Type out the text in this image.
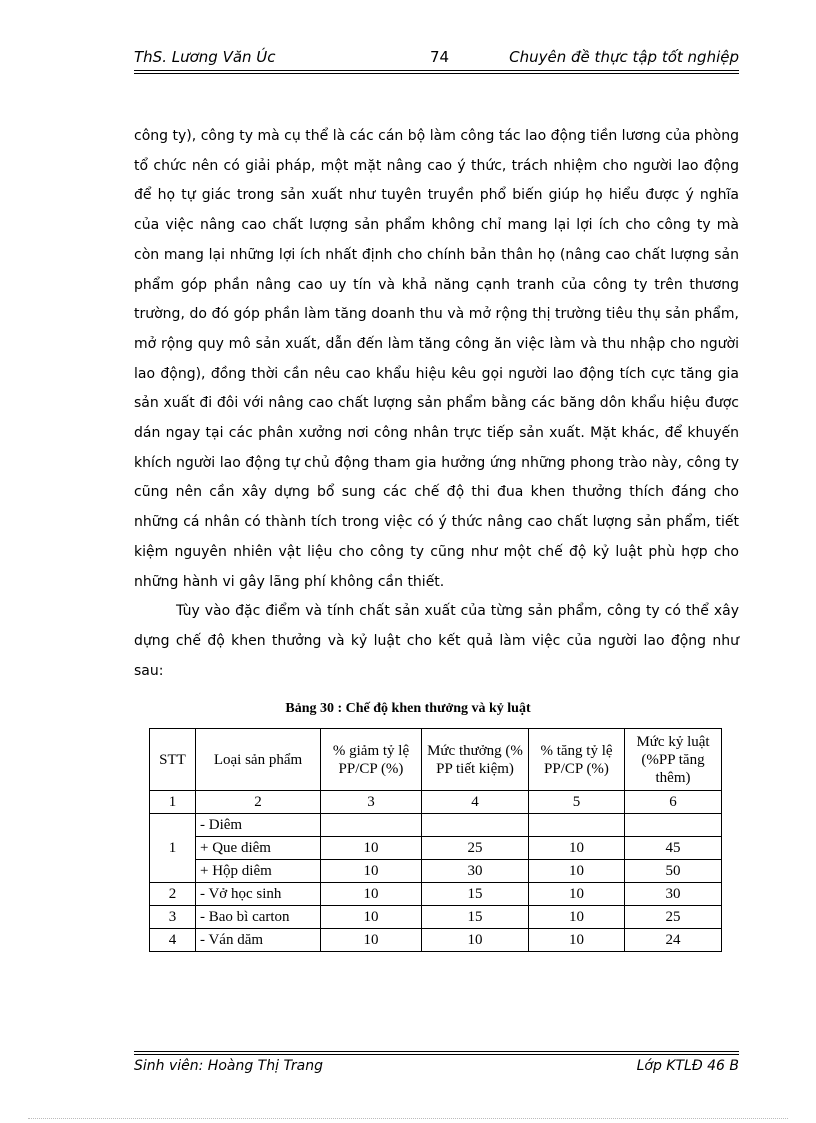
ThS. Lương Văn Úc	74	Chuyên đề thực tập tốt nghiệp

công ty), công ty mà cụ thể là các cán bộ làm công tác lao động tiền lương của phòng tổ chức nên có giải pháp, một mặt nâng cao ý thức, trách nhiệm cho người lao động để họ tự giác trong sản xuất như tuyên truyền phổ biến giúp họ hiểu được ý nghĩa của việc nâng cao chất lượng sản phẩm không chỉ mang lại lợi ích cho công ty mà còn mang lại những lợi ích nhất định cho chính bản thân họ (nâng cao chất lượng sản phẩm góp phần nâng cao uy tín và khả năng cạnh tranh của công ty trên thương trường, do đó góp phần làm tăng doanh thu và mở rộng thị trường tiêu thụ sản phẩm, mở rộng quy mô sản xuất, dẫn đến làm tăng công ăn việc làm và thu nhập cho người lao động), đồng thời cần nêu cao khẩu hiệu kêu gọi người lao động tích cực tăng gia sản xuất đi đôi với nâng cao chất lượng sản phẩm bằng các băng dôn khẩu hiệu được dán ngay tại các phân xưởng nơi công nhân trực tiếp sản xuất. Mặt khác, để khuyến khích người lao động tự chủ động tham gia hưởng ứng những phong trào này, công ty cũng nên cần xây dựng bổ sung các chế độ thi đua khen thưởng thích đáng cho những cá nhân có thành tích trong việc có ý thức nâng cao chất lượng sản phẩm, tiết kiệm nguyên nhiên vật liệu cho công ty cũng như một chế độ kỷ luật phù hợp cho những hành vi gây lãng phí không cần thiết.

Tùy vào đặc điểm và tính chất sản xuất của từng sản phẩm, công ty có thể xây dựng chế độ khen thưởng và kỷ luật cho kết quả làm việc của người lao động như sau:

Bảng 30 : Chế độ khen thưởng và kỷ luật
STT	Loại sản phẩm	% giảm tỷ lệ PP/CP (%)	Mức thưởng (% PP tiết kiệm)	% tăng tỷ lệ PP/CP (%)	Mức kỷ luật (%PP tăng thêm)
1	2	3	4	5	6
1	- Diêm				
	+ Que diêm	10	25	10	45
	+ Hộp diêm	10	30	10	50
2	- Vở học sinh	10	15	10	30
3	- Bao bì carton	10	15	10	25
4	- Ván dăm	10	10	10	24
Sinh viên: Hoàng Thị Trang	Lớp KTLĐ 46 B
